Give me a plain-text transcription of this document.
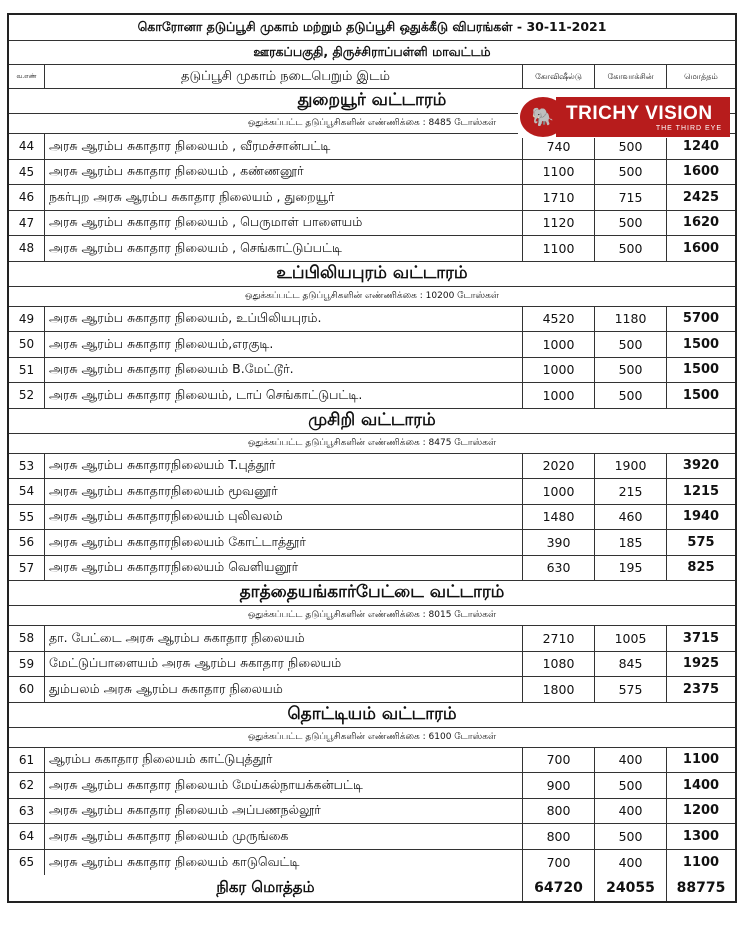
கொரோனா தடுப்பூசி முகாம் மற்றும் தடுப்பூசி ஒதுக்கீடு விபரங்கள் - 30-11-2021
ஊரகப்பகுதி, திருச்சிராப்பள்ளி மாவட்டம்
வ.எண்	தடுப்பூசி முகாம் நடைபெறும் இடம்	கோவிஷீல்டு	கோவாக்சின்	மொத்தம்
துறையூர் வட்டாரம்
ஒதுக்கப்பட்ட தடுப்பூசிகளின் எண்ணிக்கை : 8485 டோஸ்கள்
44	அரசு ஆரம்ப சுகாதார நிலையம் , வீரமச்சான்பட்டி	740	500	1240
45	அரசு ஆரம்ப சுகாதார நிலையம் , கண்ணனூர்	1100	500	1600
46	நகர்புற அரசு ஆரம்ப சுகாதார நிலையம் , துறையூர்	1710	715	2425
47	அரசு ஆரம்ப சுகாதார நிலையம் , பெருமாள் பாளையம்	1120	500	1620
48	அரசு ஆரம்ப சுகாதார நிலையம் , செங்காட்டுப்பட்டி	1100	500	1600
உப்பிலியபுரம் வட்டாரம்
ஒதுக்கப்பட்ட தடுப்பூசிகளின் எண்ணிக்கை : 10200 டோஸ்கள்
49	அரசு ஆரம்ப சுகாதார நிலையம், உப்பிலியபுரம்.	4520	1180	5700
50	அரசு ஆரம்ப சுகாதார நிலையம்,எரகுடி.	1000	500	1500
51	அரசு ஆரம்ப சுகாதார நிலையம் B.மேட்டூர்.	1000	500	1500
52	அரசு ஆரம்ப சுகாதார நிலையம், டாப் செங்காட்டுபட்டி.	1000	500	1500
முசிறி வட்டாரம்
ஒதுக்கப்பட்ட தடுப்பூசிகளின் எண்ணிக்கை : 8475 டோஸ்கள்
53	அரசு ஆரம்ப சுகாதாரநிலையம் T.புத்தூர்	2020	1900	3920
54	அரசு ஆரம்ப சுகாதாரநிலையம் மூவனூர்	1000	215	1215
55	அரசு ஆரம்ப சுகாதாரநிலையம் புலிவலம்	1480	460	1940
56	அரசு ஆரம்ப சுகாதாரநிலையம் கோட்டாத்தூர்	390	185	575
57	அரசு ஆரம்ப சுகாதாரநிலையம் வெளியனூர்	630	195	825
தாத்தையங்கார்பேட்டை வட்டாரம்
ஒதுக்கப்பட்ட தடுப்பூசிகளின் எண்ணிக்கை : 8015 டோஸ்கள்
58	தா. பேட்டை அரசு ஆரம்ப சுகாதார நிலையம்	2710	1005	3715
59	மேட்டுப்பாளையம் அரசு ஆரம்ப சுகாதார நிலையம்	1080	845	1925
60	தும்பலம் அரசு ஆரம்ப சுகாதார நிலையம்	1800	575	2375
தொட்டியம் வட்டாரம்
ஒதுக்கப்பட்ட தடுப்பூசிகளின் எண்ணிக்கை : 6100 டோஸ்கள்
61	ஆரம்ப சுகாதார நிலையம் காட்டுபுத்தூர்	700	400	1100
62	அரசு ஆரம்ப சுகாதார நிலையம் மேய்கல்நாயக்கன்பட்டி	900	500	1400
63	அரசு ஆரம்ப சுகாதார நிலையம் அப்பணநல்லூர்	800	400	1200
64	அரசு ஆரம்ப சுகாதார நிலையம் முருங்கை	800	500	1300
65	அரசு ஆரம்ப சுகாதார நிலையம் காடுவெட்டி	700	400	1100
நிகர மொத்தம்	64720	24055	88775
🐘 TRICHY VISION
THE THIRD EYE
